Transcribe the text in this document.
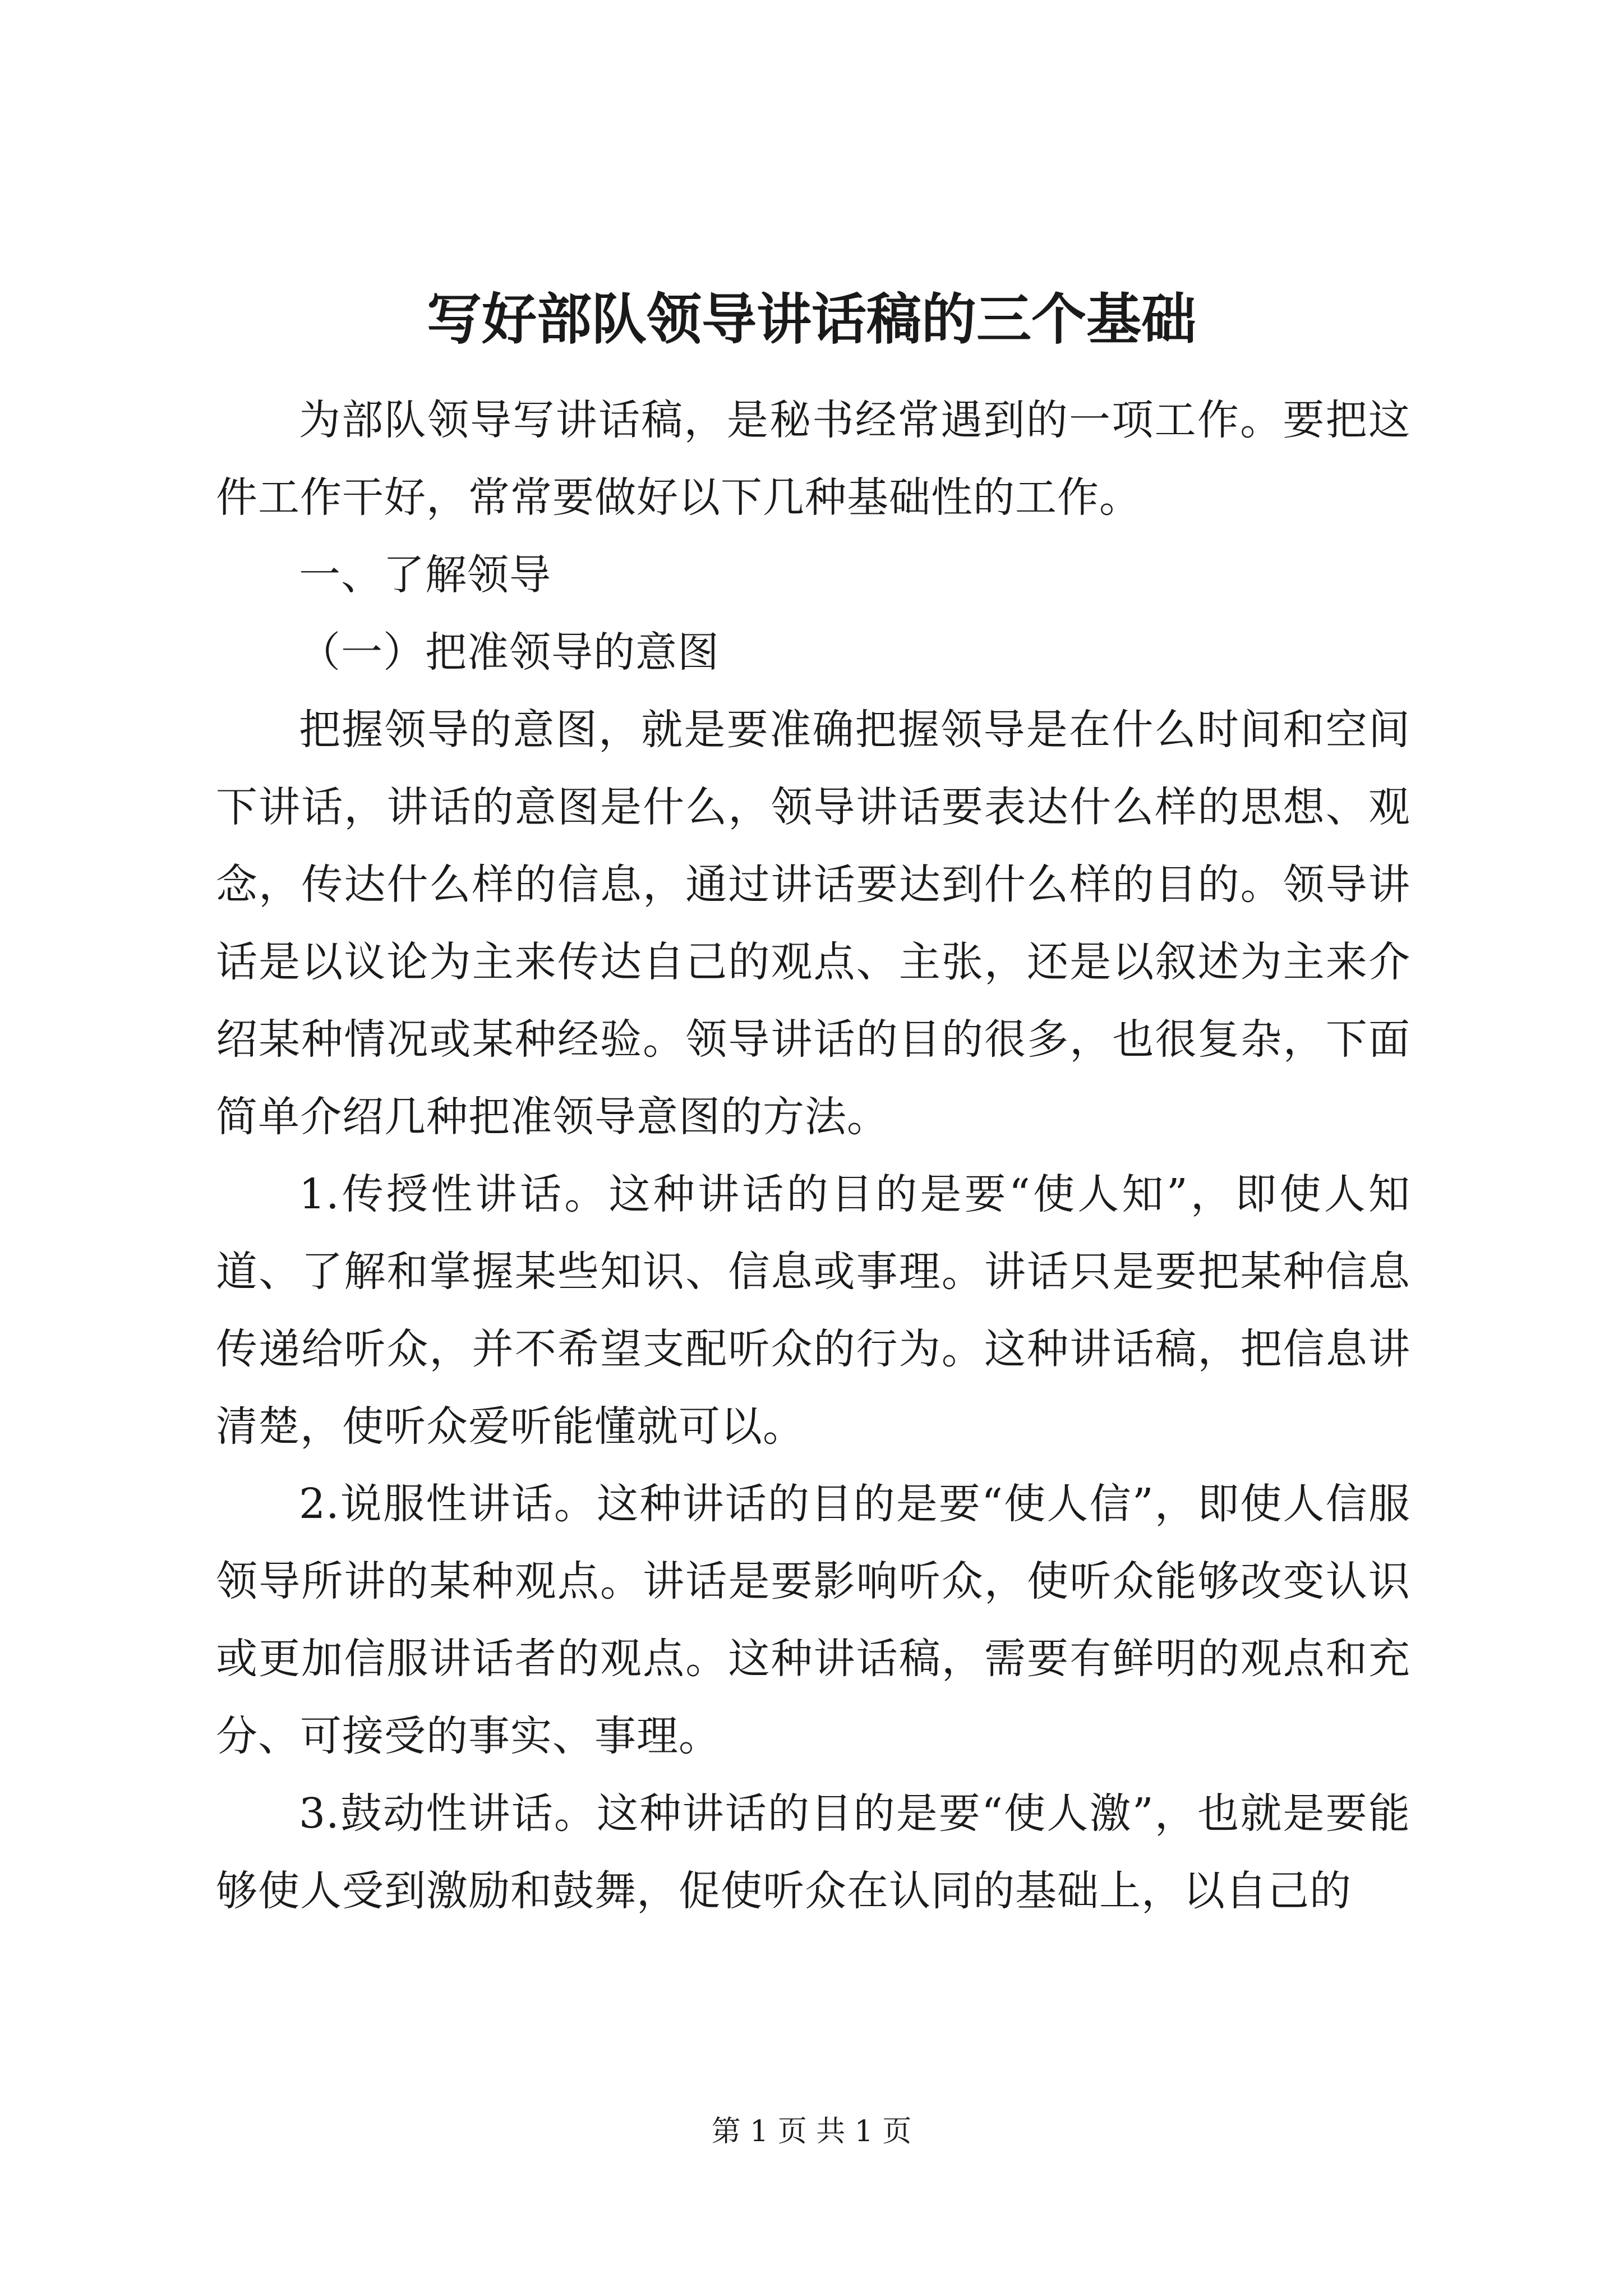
写好部队领导讲话稿的三个基础

为部队领导写讲话稿，是秘书经常遇到的一项工作。要把这件工作干好，常常要做好以下几种基础性的工作。

一、了解领导

（一）把准领导的意图

把握领导的意图，就是要准确把握领导是在什么时间和空间下讲话，讲话的意图是什么，领导讲话要表达什么样的思想、观念，传达什么样的信息，通过讲话要达到什么样的目的。领导讲话是以议论为主来传达自己的观点、主张，还是以叙述为主来介绍某种情况或某种经验。领导讲话的目的很多，也很复杂，下面简单介绍几种把准领导意图的方法。

1.传授性讲话。这种讲话的目的是要“使人知”，即使人知道、了解和掌握某些知识、信息或事理。讲话只是要把某种信息传递给听众，并不希望支配听众的行为。这种讲话稿，把信息讲清楚，使听众爱听能懂就可以。

2.说服性讲话。这种讲话的目的是要“使人信”，即使人信服领导所讲的某种观点。讲话是要影响听众，使听众能够改变认识或更加信服讲话者的观点。这种讲话稿，需要有鲜明的观点和充分、可接受的事实、事理。

3.鼓动性讲话。这种讲话的目的是要“使人激”，也就是要能够使人受到激励和鼓舞，促使听众在认同的基础上，以自己的

第 1 页 共 1 页
